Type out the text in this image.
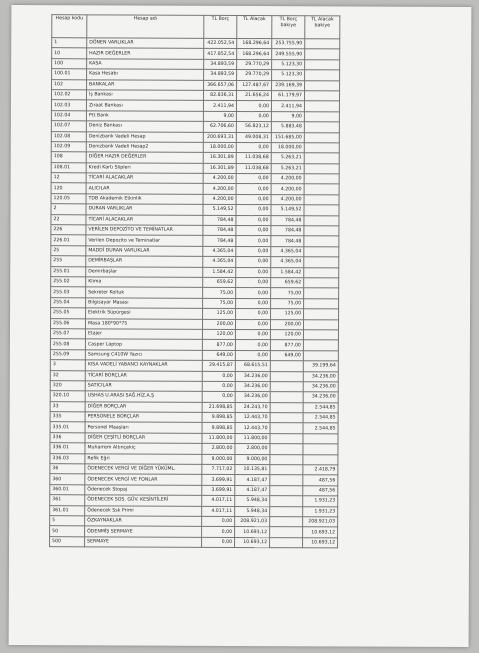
Hesap kodu	Hesap adı	TL Borç	TL Alacak	TL Borç bakiye	TL Alacak bakiye
1	DÖNEN VARLIKLAR	422.052,54	168.296,64	253.755,90	
10	HAZIR DEĞERLER	417.852,54	168.296,64	249.555,90	
100	KASA	34.893,59	29.770,29	5.123,30	
100.01	Kasa Hesabı	34.893,59	29.770,29	5.123,30	
102	BANKALAR	366.657,06	127.487,67	239.169,39	
102.02	İş Bankası	82.836,31	21.656,24	61.179,97	
102.03	Ziraat Bankası	2.411,94	0,00	2.411,94	
102.04	Ptt Bank	9,00	0,00	9,00	
102.07	Deniz Bankası	62.706,60	56.823,12	5.883,48	
102.08	Denizbank Vadeli Hesap	200.693,31	49.008,31	151.685,00	
102.09	Denizbank Vadeli Hesap2	18.000,00	0,00	18.000,00	
108	DİĞER HAZIR DEĞERLER	16.301,89	11.038,68	5.263,21	
108.01	Kredi Kartı Slipleri	16.301,89	11.038,68	5.263,21	
12	TİCARİ ALACAKLAR	4.200,00	0,00	4.200,00	
120	ALICILAR	4.200,00	0,00	4.200,00	
120.05	TDB Akademik Etkinlik	4.200,00	0,00	4.200,00	
2	DURAN VARLIKLAR	5.149,52	0,00	5.149,52	
22	TİCARİ ALACAKLAR	784,48	0,00	784,48	
226	VERİLEN DEPOZİTO VE TEMİNATLAR	784,48	0,00	784,48	
226.01	Verilen Depozito ve Teminatlar	784,48	0,00	784,48	
25	MADDİ DURAN VARLIKLAR	4.365,04	0,00	4.365,04	
255	DEMİRBAŞLAR	4.365,04	0,00	4.365,04	
255.01	Demirbaşlar	1.584,42	0,00	1.584,42	
255.02	Klima	659,62	0,00	659,62	
255.03	Sekreter Koltuk	75,00	0,00	75,00	
255.04	Bilgisayar Masası	75,00	0,00	75,00	
255.05	Elektrik Süpürgesi	125,00	0,00	125,00	
255.06	Masa 180*90*75	200,00	0,00	200,00	
255.07	Etajer	120,00	0,00	120,00	
255.08	Casper Laptop	877,00	0,00	877,00	
255.09	Samsung C410W Yazıcı	649,00	0,00	649,00	
3	KISA VADELİ YABANCI KAYNAKLAR	29.415,87	68.615,51		39.199,64
32	TİCARİ BORÇLAR	0,00	34.236,00		34.236,00
320	SATICILAR	0,00	34.236,00		34.236,00
320.10	USHAS U.ARASI SAĞ.HİZ.A.Ş	0,00	34.236,00		34.236,00
33	DİĞER BORÇLAR	21.698,85	24.243,70		2.544,85
335	PERSONELE BORÇLAR	9.898,85	12.443,70		2.544,85
335.01	Personel Maaşları	9.898,85	12.443,70		2.544,85
336	DİĞER ÇEŞİTLİ BORÇLAR	11.800,00	11.800,00		
336.01	Muharrem Altınçekiç	2.800,00	2.800,00		
336.03	Refik Eğri	9.000,00	9.000,00		
36	ÖDENECEK VERGİ VE DİĞER YÜKÜML.	7.717,02	10.135,81		2.418,79
360	ÖDENECEK VERGİ VE FONLAR	3.699,91	4.187,47		487,56
360.01	Ödenecek Stopaj	3.699,91	4.187,47		487,56
361	ÖDENECEK SOS. GÜV. KESİNTİLERİ	4.017,11	5.948,34		1.931,23
361.01	Ödenecek Ssk Primi	4.017,11	5.948,34		1.931,23
5	ÖZKAYNAKLAR	0,00	208.921,03		208.921,03
50	ÖDENMİŞ SERMAYE	0,00	10.693,12		10.693,12
500	SERMAYE	0,00	10.693,12		10.693,12
